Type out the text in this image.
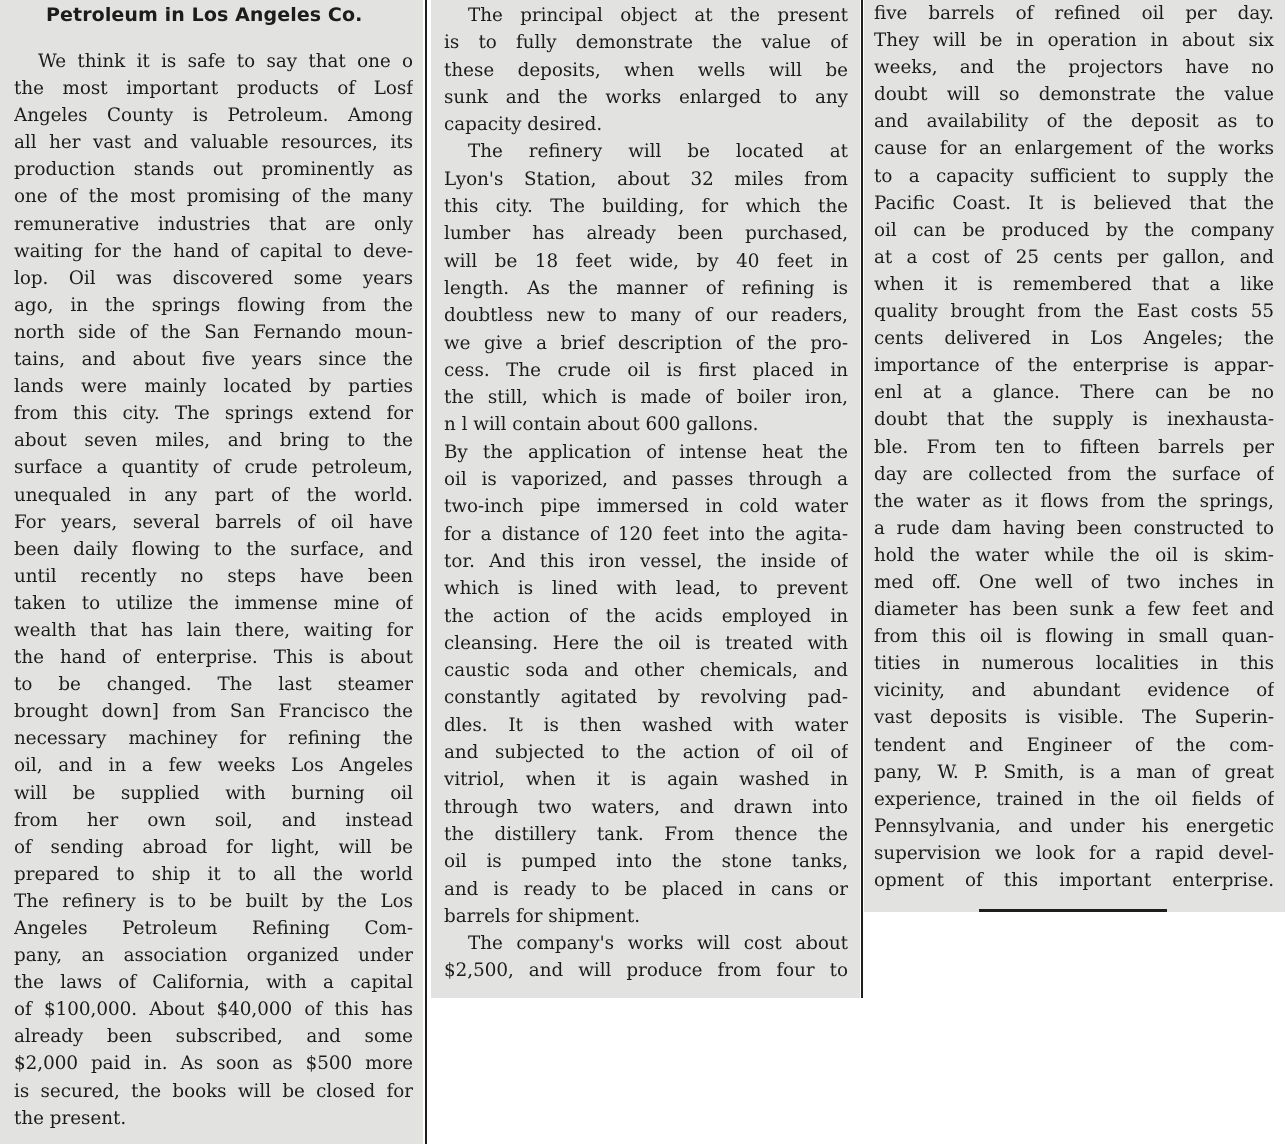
Petroleum in Los Angeles Co.
We think it is safe to say that one o
the most important products of Losf
Angeles County is Petroleum. Among
all her vast and valuable resources, its
production stands out prominently as
one of the most promising of the many
remunerative industries that are only
waiting for the hand of capital to deve-
lop. Oil was discovered some years
ago, in the springs flowing from the
north side of the San Fernando moun-
tains, and about five years since the
lands were mainly located by parties
from this city. The springs extend for
about seven miles, and bring to the
surface a quantity of crude petroleum,
unequaled in any part of the world.
For years, several barrels of oil have
been daily flowing to the surface, and
until recently no steps have been
taken to utilize the immense mine of
wealth that has lain there, waiting for
the hand of enterprise. This is about
to be changed. The last steamer
brought down] from San Francisco the
necessary machiney for refining the
oil, and in a few weeks Los Angeles
will be supplied with burning oil
from her own soil, and instead
of sending abroad for light, will be
prepared to ship it to all the world
The refinery is to be built by the Los
Angeles Petroleum Refining Com-
pany, an association organized under
the laws of California, with a capital
of $100,000. About $40,000 of this has
already been subscribed, and some
$2,000 paid in. As soon as $500 more
is secured, the books will be closed for
the present.
The principal object at the present
is to fully demonstrate the value of
these deposits, when wells will be
sunk and the works enlarged to any
capacity desired.
The refinery will be located at
Lyon's Station, about 32 miles from
this city. The building, for which the
lumber has already been purchased,
will be 18 feet wide, by 40 feet in
length. As the manner of refining is
doubtless new to many of our readers,
we give a brief description of the pro-
cess. The crude oil is first placed in
the still, which is made of boiler iron,
n l will contain about 600 gallons.
By the application of intense heat the
oil is vaporized, and passes through a
two-inch pipe immersed in cold water
for a distance of 120 feet into the agita-
tor. And this iron vessel, the inside of
which is lined with lead, to prevent
the action of the acids employed in
cleansing. Here the oil is treated with
caustic soda and other chemicals, and
constantly agitated by revolving pad-
dles. It is then washed with water
and subjected to the action of oil of
vitriol, when it is again washed in
through two waters, and drawn into
the distillery tank. From thence the
oil is pumped into the stone tanks,
and is ready to be placed in cans or
barrels for shipment.
The company's works will cost about
$2,500, and will produce from four to
five barrels of refined oil per day.
They will be in operation in about six
weeks, and the projectors have no
doubt will so demonstrate the value
and availability of the deposit as to
cause for an enlargement of the works
to a capacity sufficient to supply the
Pacific Coast. It is believed that the
oil can be produced by the company
at a cost of 25 cents per gallon, and
when it is remembered that a like
quality brought from the East costs 55
cents delivered in Los Angeles; the
importance of the enterprise is appar-
enl at a glance. There can be no
doubt that the supply is inexhausta-
ble. From ten to fifteen barrels per
day are collected from the surface of
the water as it flows from the springs,
a rude dam having been constructed to
hold the water while the oil is skim-
med off. One well of two inches in
diameter has been sunk a few feet and
from this oil is flowing in small quan-
tities in numerous localities in this
vicinity, and abundant evidence of
vast deposits is visible. The Superin-
tendent and Engineer of the com-
pany, W. P. Smith, is a man of great
experience, trained in the oil fields of
Pennsylvania, and under his energetic
supervision we look for a rapid devel-
opment of this important enterprise.
